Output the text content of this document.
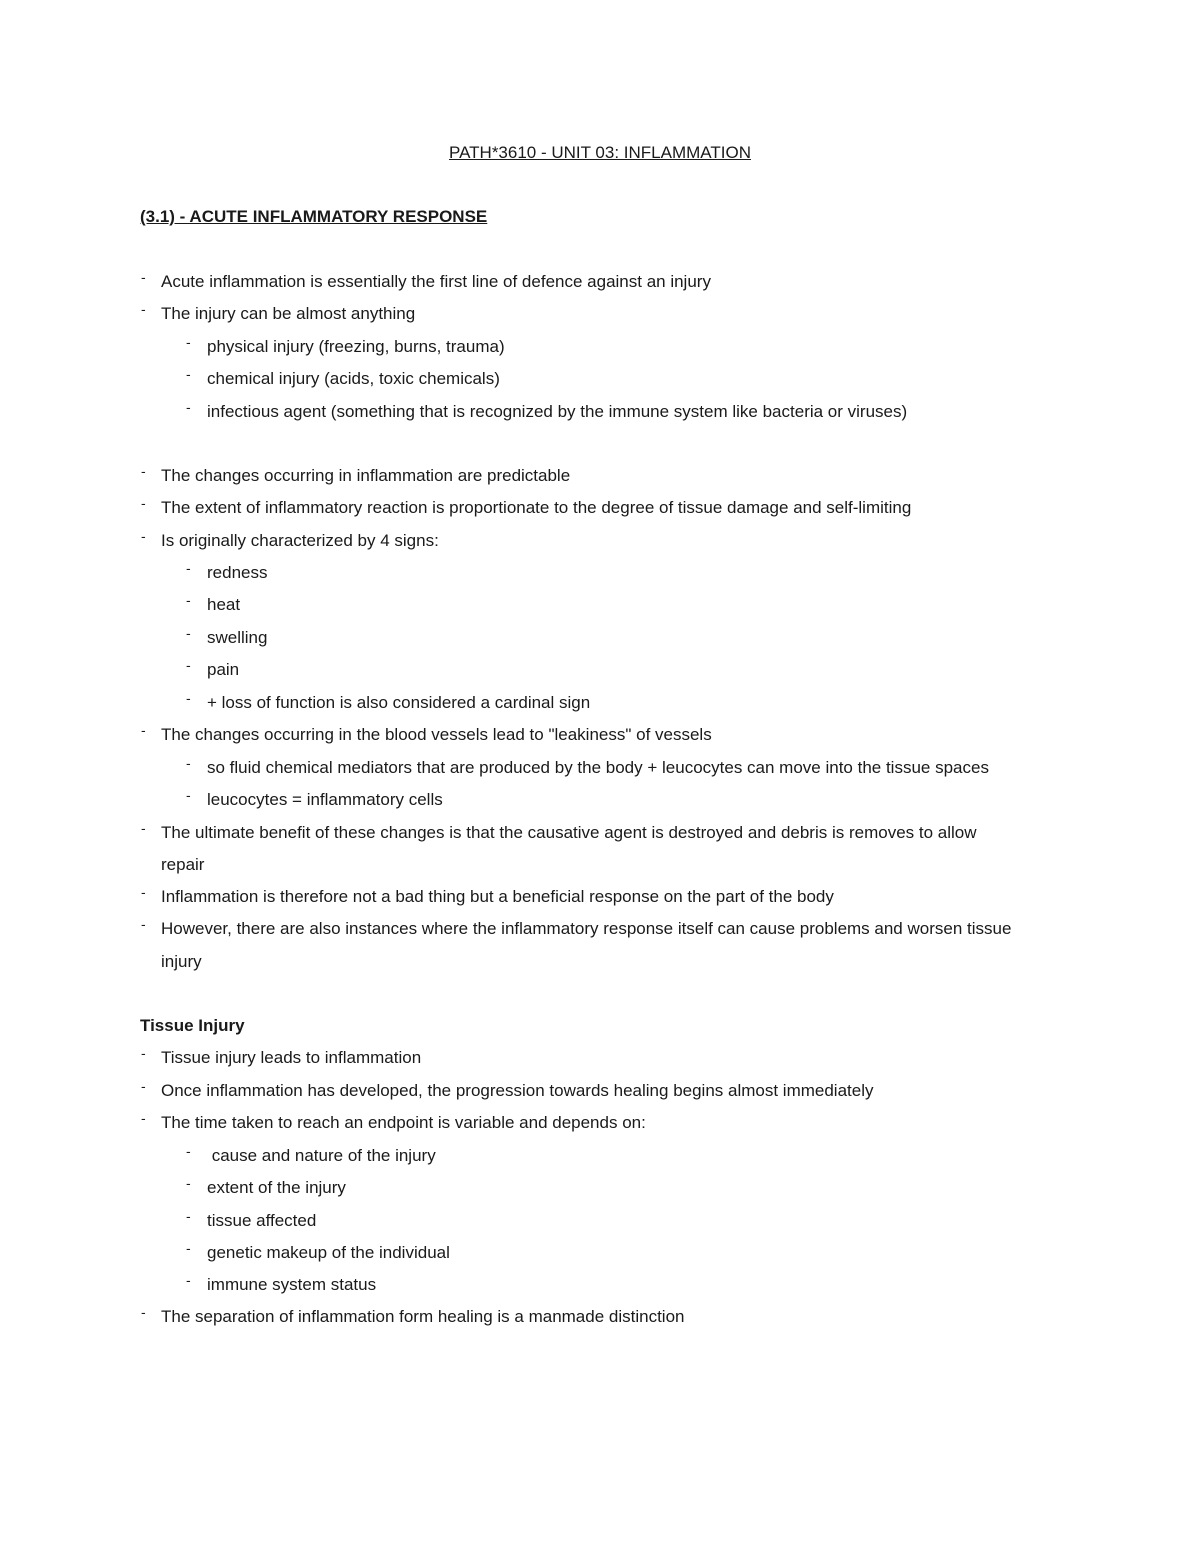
PATH*3610 - UNIT 03: INFLAMMATION
(3.1) - ACUTE INFLAMMATORY RESPONSE
- Acute inflammation is essentially the first line of defence against an injury
- The injury can be almost anything
- physical injury (freezing, burns, trauma)
- chemical injury (acids, toxic chemicals)
- infectious agent (something that is recognized by the immune system like bacteria or viruses)
- The changes occurring in inflammation are predictable
- The extent of inflammatory reaction is proportionate to the degree of tissue damage and self-limiting
- Is originally characterized by 4 signs:
- redness
- heat
- swelling
- pain
- + loss of function is also considered a cardinal sign
- The changes occurring in the blood vessels lead to "leakiness" of vessels
- so fluid chemical mediators that are produced by the body + leucocytes can move into the tissue spaces
- leucocytes = inflammatory cells
- The ultimate benefit of these changes is that the causative agent is destroyed and debris is removes to allow
repair
- Inflammation is therefore not a bad thing but a beneficial response on the part of the body
- However, there are also instances where the inflammatory response itself can cause problems and worsen tissue
injury
Tissue Injury
- Tissue injury leads to inflammation
- Once inflammation has developed, the progression towards healing begins almost immediately
- The time taken to reach an endpoint is variable and depends on:
- cause and nature of the injury
- extent of the injury
- tissue affected
- genetic makeup of the individual
- immune system status
- The separation of inflammation form healing is a manmade distinction
